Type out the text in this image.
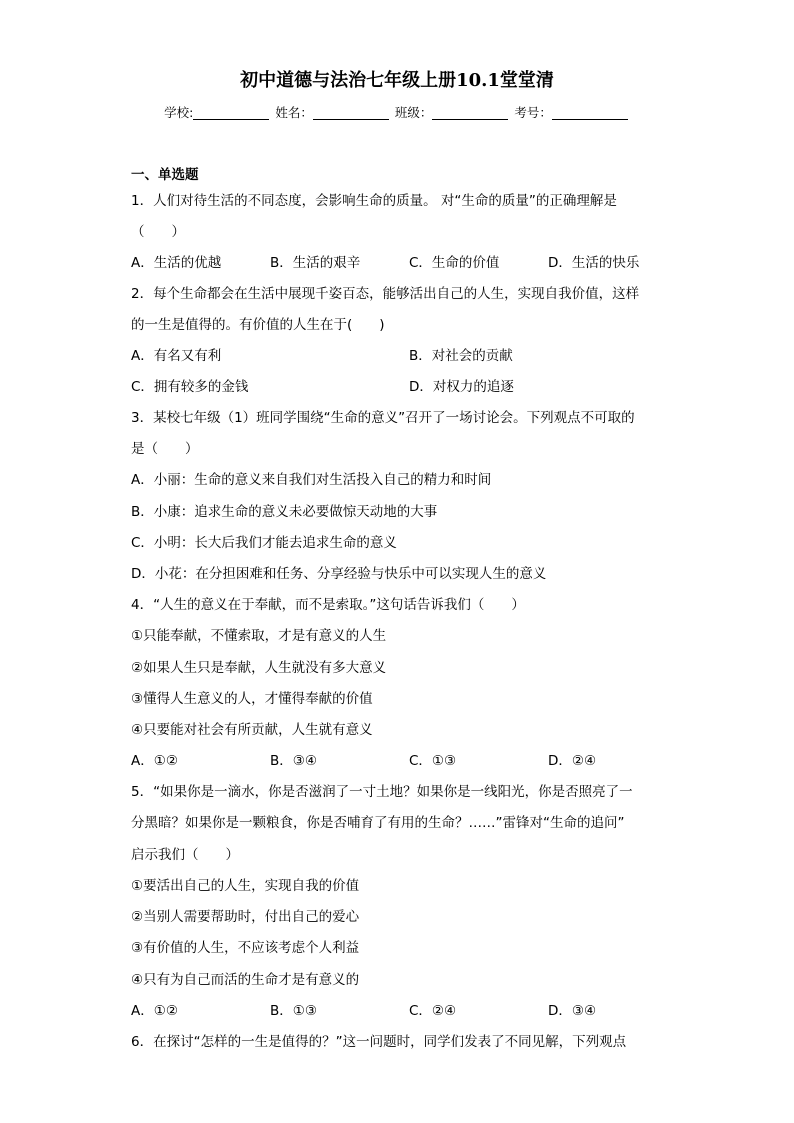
初中道德与法治七年级上册10.1堂堂清
学校:	姓名：	班级：	考号：
一、单选题
1．人们对待生活的不同态度，会影响生命的质量。 对“生命的质量”的正确理解是
（　　）
A．生活的优越	B．生活的艰辛	C．生命的价值	D．生活的快乐
2．每个生命都会在生活中展现千姿百态，能够活出自己的人生，实现自我价值，这样
的一生是值得的。有价值的人生在于(　　)
A．有名又有利	B．对社会的贡献
C．拥有较多的金钱	D．对权力的追逐
3．某校七年级（1）班同学围绕“生命的意义”召开了一场讨论会。下列观点不可取的
是（　　）
A．小丽：生命的意义来自我们对生活投入自己的精力和时间
B．小康：追求生命的意义未必要做惊天动地的大事
C．小明：长大后我们才能去追求生命的意义
D．小花：在分担困难和任务、分享经验与快乐中可以实现人生的意义
4．“人生的意义在于奉献，而不是索取。”这句话告诉我们（　　）
①只能奉献，不懂索取，才是有意义的人生
②如果人生只是奉献，人生就没有多大意义
③懂得人生意义的人，才懂得奉献的价值
④只要能对社会有所贡献，人生就有意义
A．①②	B．③④	C．①③	D．②④
5．“如果你是一滴水，你是否滋润了一寸土地？如果你是一线阳光，你是否照亮了一
分黑暗？如果你是一颗粮食，你是否哺育了有用的生命？……”雷锋对“生命的追问”
启示我们（　　）
①要活出自己的人生，实现自我的价值
②当别人需要帮助时，付出自己的爱心
③有价值的人生，不应该考虑个人利益
④只有为自己而活的生命才是有意义的
A．①②	B．①③	C．②④	D．③④
6．在探讨“怎样的一生是值得的？”这一问题时，同学们发表了不同见解，下列观点
